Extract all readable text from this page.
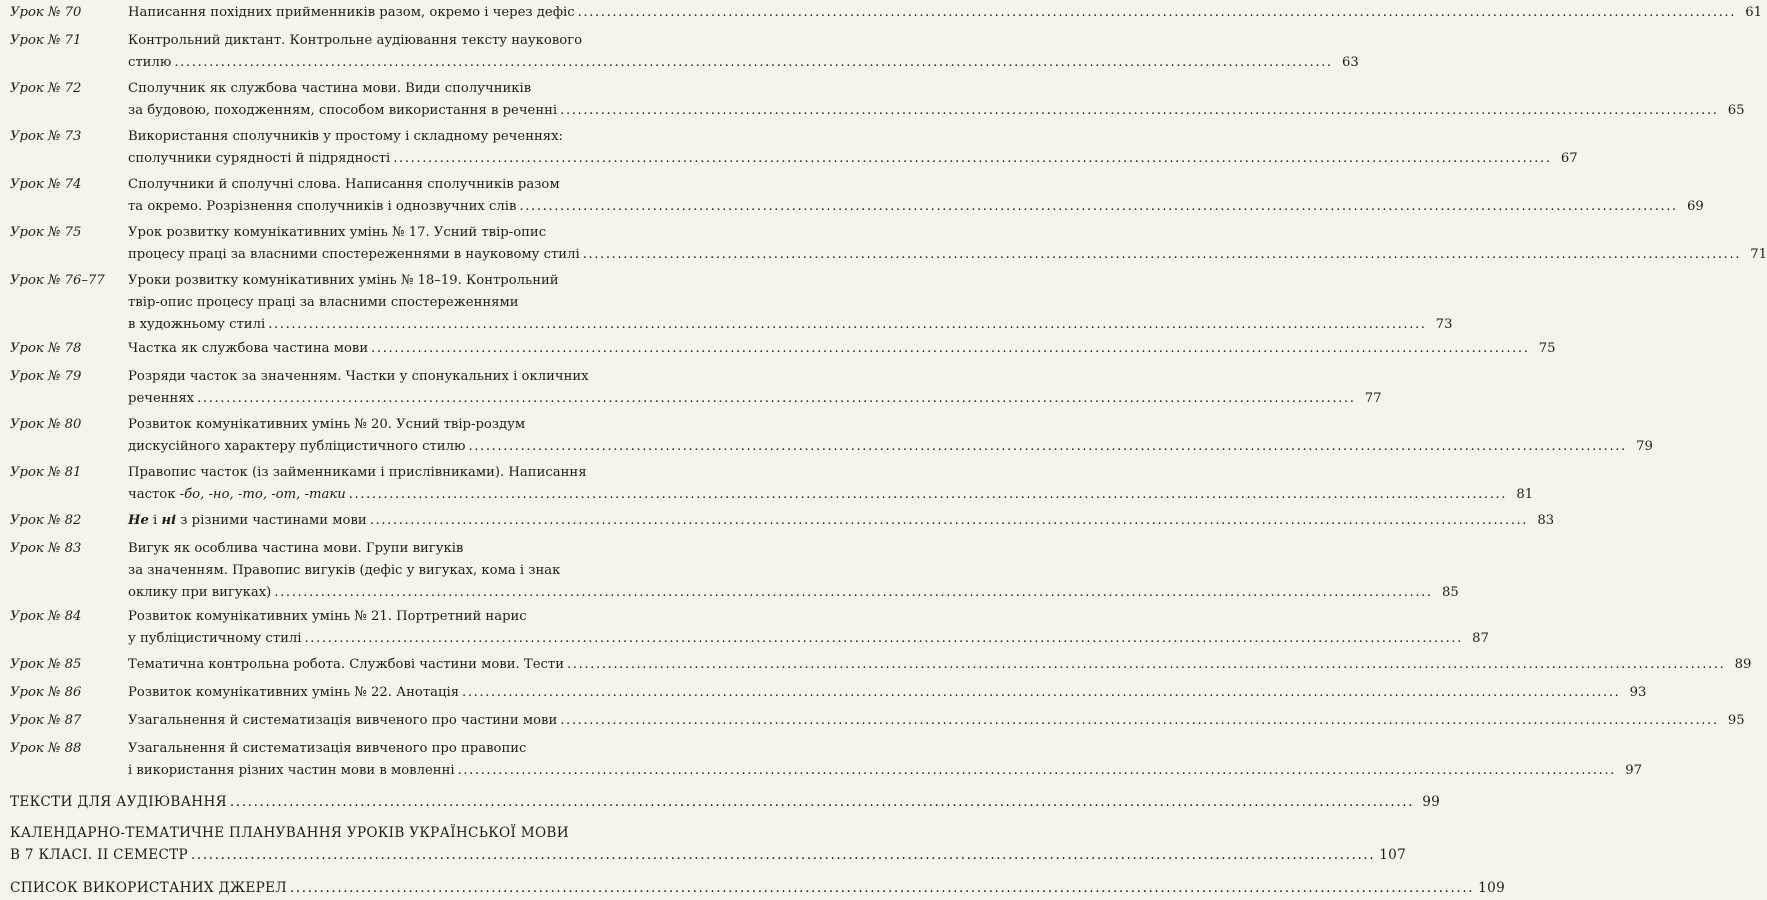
Урок № 70	Написання похідних прийменників разом, окремо і через дефіс ........................................................................................................................................................................................................ 61
Урок № 71	Контрольний диктант. Контрольне аудіювання тексту наукового
стилю ........................................................................................................................................................................................................ 63
Урок № 72	Сполучник як службова частина мови. Види сполучників
за будовою, походженням, способом використання в реченні ........................................................................................................................................................................................................ 65
Урок № 73	Використання сполучників у простому і складному реченнях:
сполучники сурядності й підрядності ........................................................................................................................................................................................................ 67
Урок № 74	Сполучники й сполучні слова. Написання сполучників разом
та окремо. Розрізнення сполучників і однозвучних слів ........................................................................................................................................................................................................ 69
Урок № 75	Урок розвитку комунікативних умінь № 17. Усний твір-опис
процесу праці за власними спостереженнями в науковому стилі ........................................................................................................................................................................................................ 71
Урок № 76–77 Уроки розвитку комунікативних умінь № 18–19. Контрольний
твір-опис процесу праці за власними спостереженнями
в художньому стилі ........................................................................................................................................................................................................ 73
Урок № 78	Частка як службова частина мови ........................................................................................................................................................................................................ 75
Урок № 79	Розряди часток за значенням. Частки у спонукальних і окличних
реченнях ........................................................................................................................................................................................................ 77
Урок № 80	Розвиток комунікативних умінь № 20. Усний твір-роздум
дискусійного характеру публіцистичного стилю ........................................................................................................................................................................................................ 79
Урок № 81	Правопис часток (із займенниками і прислівниками). Написання
часток -бо, -но, -то, -от, -таки ........................................................................................................................................................................................................ 81
Урок № 82	Не і ні з різними частинами мови ........................................................................................................................................................................................................ 83
Урок № 83	Вигук як особлива частина мови. Групи вигуків
за значенням. Правопис вигуків (дефіс у вигуках, кома і знак
оклику при вигуках) ........................................................................................................................................................................................................ 85
Урок № 84	Розвиток комунікативних умінь № 21. Портретний нарис
у публіцистичному стилі ........................................................................................................................................................................................................ 87
Урок № 85	Тематична контрольна робота. Службові частини мови. Тести ........................................................................................................................................................................................................ 89
Урок № 86	Розвиток комунікативних умінь № 22. Анотація ........................................................................................................................................................................................................ 93
Урок № 87	Узагальнення й систематизація вивченого про частини мови ........................................................................................................................................................................................................ 95
Урок № 88	Узагальнення й систематизація вивченого про правопис
і використання різних частин мови в мовленні ........................................................................................................................................................................................................ 97
ТЕКСТИ ДЛЯ АУДІЮВАННЯ ........................................................................................................................................................................................................ 99
КАЛЕНДАРНО-ТЕМАТИЧНЕ ПЛАНУВАННЯ УРОКІВ УКРАЇНСЬКОЇ МОВИ
В 7 КЛАСІ. ІІ СЕМЕСТР ........................................................................................................................................................................................................ 107
СПИСОК ВИКОРИСТАНИХ ДЖЕРЕЛ ........................................................................................................................................................................................................ 109
